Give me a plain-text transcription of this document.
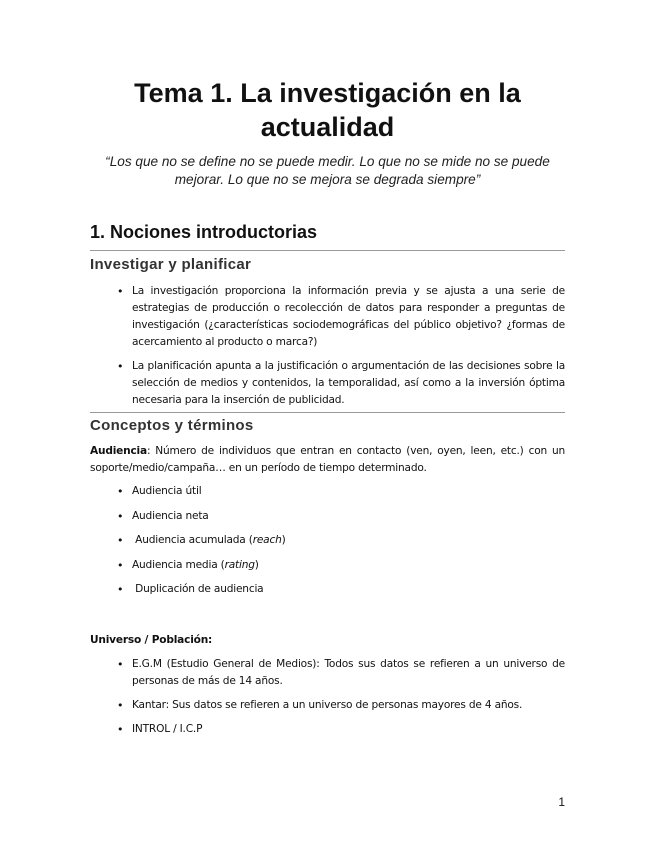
Tema 1. La investigación en la actualidad

“Los que no se define no se puede medir. Lo que no se mide no se puede mejorar. Lo que no se mejora se degrada siempre”

1. Nociones introductorias
Investigar y planificar
• La investigación proporciona la información previa y se ajusta a una serie de estrategias de producción o recolección de datos para responder a preguntas de investigación (¿características sociodemográficas del público objetivo? ¿formas de acercamiento al producto o marca?)
• La planificación apunta a la justificación o argumentación de las decisiones sobre la selección de medios y contenidos, la temporalidad, así como a la inversión óptima necesaria para la inserción de publicidad.
Conceptos y términos

Audiencia: Número de individuos que entran en contacto (ven, oyen, leen, etc.) con un soporte/medio/campaña… en un período de tiempo determinado.

• Audiencia útil
• Audiencia neta
• Audiencia acumulada (reach)
• Audiencia media (rating)
• Duplicación de audiencia

Universo / Población:

• E.G.M (Estudio General de Medios): Todos sus datos se refieren a un universo de personas de más de 14 años.
• Kantar: Sus datos se refieren a un universo de personas mayores de 4 años.
• INTROL / I.C.P

1
